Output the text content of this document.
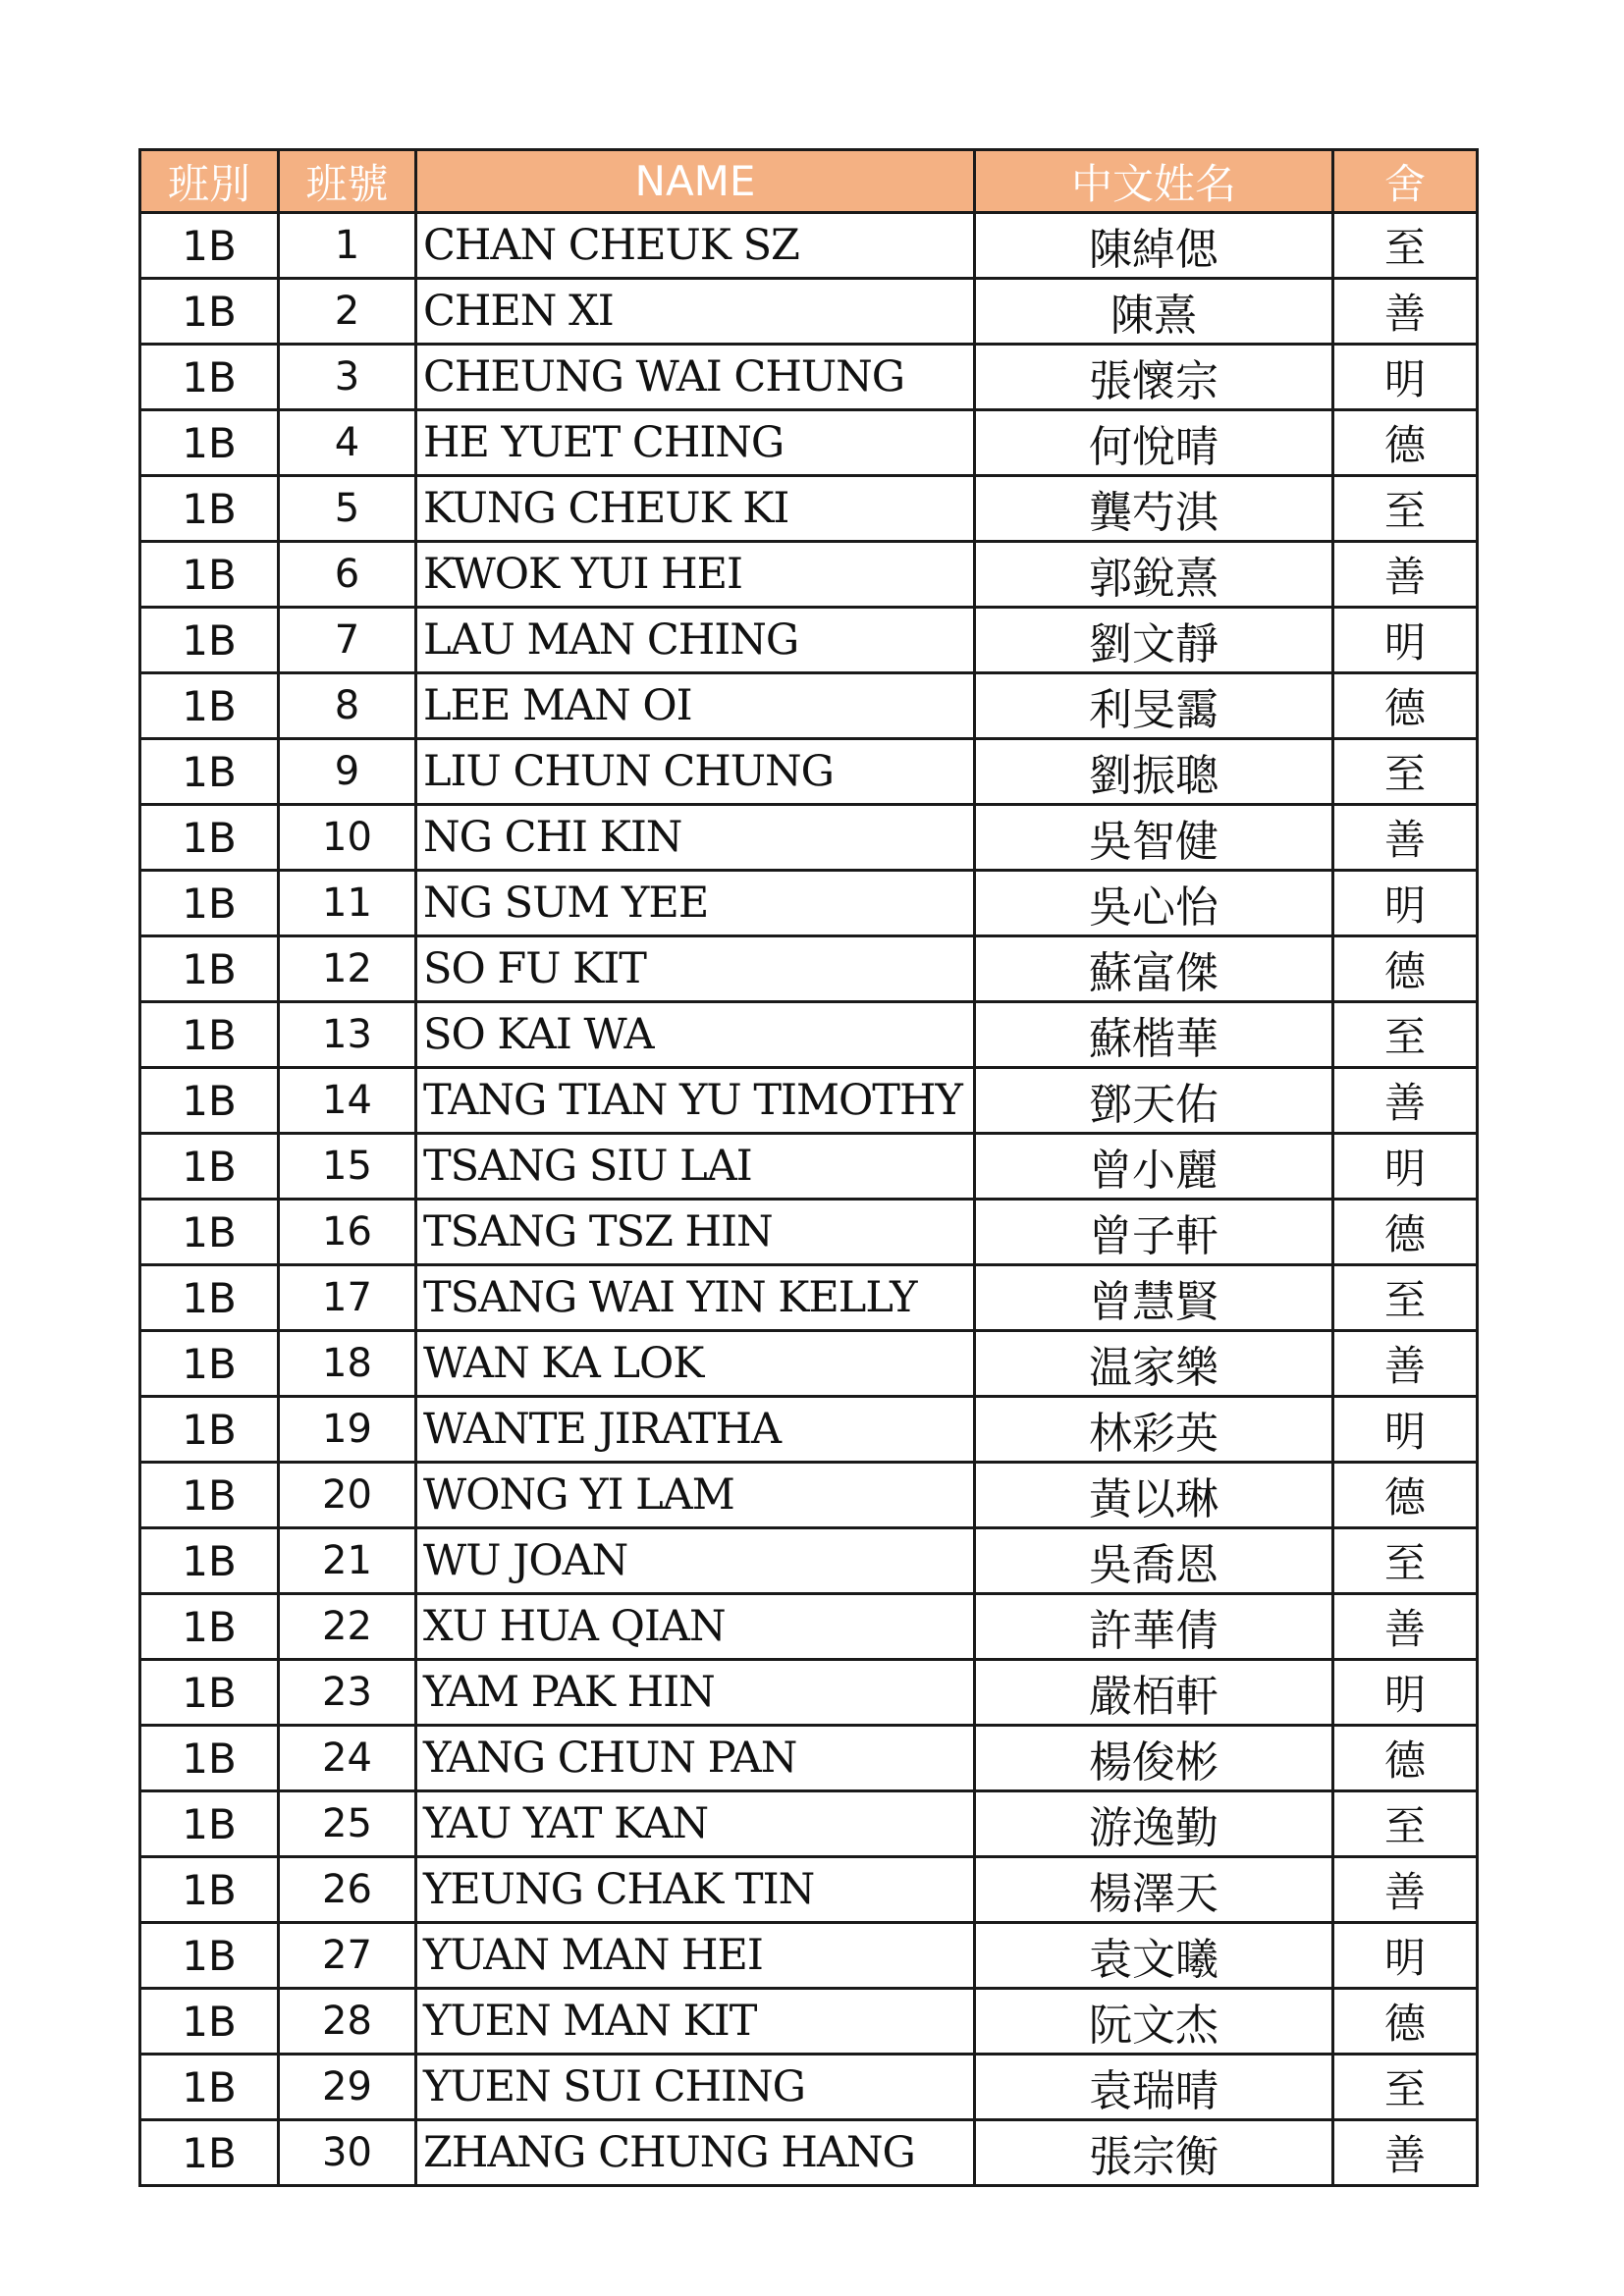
班別	班號	NAME	中文姓名	舍
1B	1	CHAN CHEUK SZ	陳綽偲	至
1B	2	CHEN XI	陳熹	善
1B	3	CHEUNG WAI CHUNG	張懷宗	明
1B	4	HE YUET CHING	何悅晴	德
1B	5	KUNG CHEUK KI	龔芍淇	至
1B	6	KWOK YUI HEI	郭銳熹	善
1B	7	LAU MAN CHING	劉文靜	明
1B	8	LEE MAN OI	利旻靄	德
1B	9	LIU CHUN CHUNG	劉振聰	至
1B	10	NG CHI KIN	吳智健	善
1B	11	NG SUM YEE	吳心怡	明
1B	12	SO FU KIT	蘇富傑	德
1B	13	SO KAI WA	蘇楷華	至
1B	14	TANG TIAN YU TIMOTHY	鄧天佑	善
1B	15	TSANG SIU LAI	曾小麗	明
1B	16	TSANG TSZ HIN	曾子軒	德
1B	17	TSANG WAI YIN KELLY	曾慧賢	至
1B	18	WAN KA LOK	温家樂	善
1B	19	WANTE JIRATHA	林彩英	明
1B	20	WONG YI LAM	黃以琳	德
1B	21	WU JOAN	吳喬恩	至
1B	22	XU HUA QIAN	許華倩	善
1B	23	YAM PAK HIN	嚴栢軒	明
1B	24	YANG CHUN PAN	楊俊彬	德
1B	25	YAU YAT KAN	游逸勤	至
1B	26	YEUNG CHAK TIN	楊澤天	善
1B	27	YUAN MAN HEI	袁文曦	明
1B	28	YUEN MAN KIT	阮文杰	德
1B	29	YUEN SUI CHING	袁瑞晴	至
1B	30	ZHANG CHUNG HANG	張宗衡	善
